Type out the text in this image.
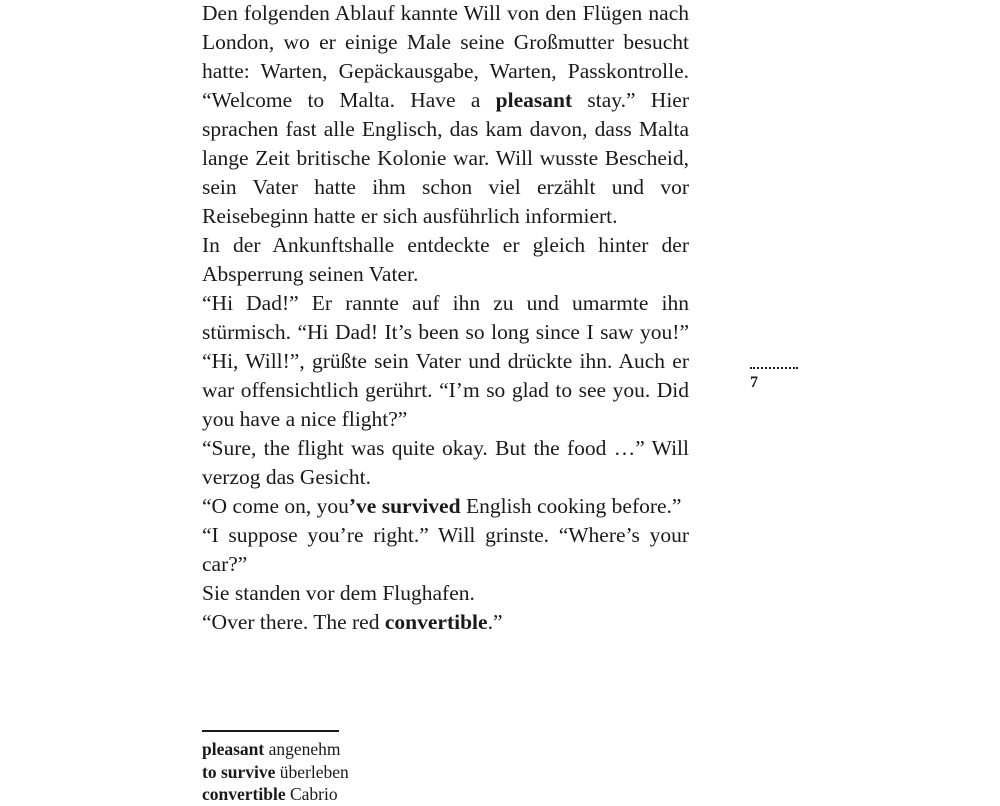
Den folgenden Ablauf kannte Will von den Flügen nach London, wo er einige Male seine Großmutter besucht hatte: Warten, Gepäckausgabe, Warten, Passkontrolle. “Welcome to Malta. Have a pleasant stay.” Hier sprachen fast alle Englisch, das kam davon, dass Malta lange Zeit britische Kolonie war. Will wusste Bescheid, sein Vater hatte ihm schon viel erzählt und vor Reisebeginn hatte er sich ausführlich informiert.

In der Ankunftshalle entdeckte er gleich hinter der Absperrung seinen Vater.

“Hi Dad!” Er rannte auf ihn zu und umarmte ihn stürmisch. “Hi Dad! It’s been so long since I saw you!”

“Hi, Will!”, grüßte sein Vater und drückte ihn. Auch er war offensichtlich gerührt. “I’m so glad to see you. Did you have a nice flight?”

“Sure, the flight was quite okay. But the food …” Will verzog das Gesicht.

“O come on, you’ve survived English cooking before.”

“I suppose you’re right.” Will grinste. “Where’s your car?”

Sie standen vor dem Flughafen.

“Over there. The red convertible.”

7
pleasant angenehm
to survive überleben
convertible Cabrio
